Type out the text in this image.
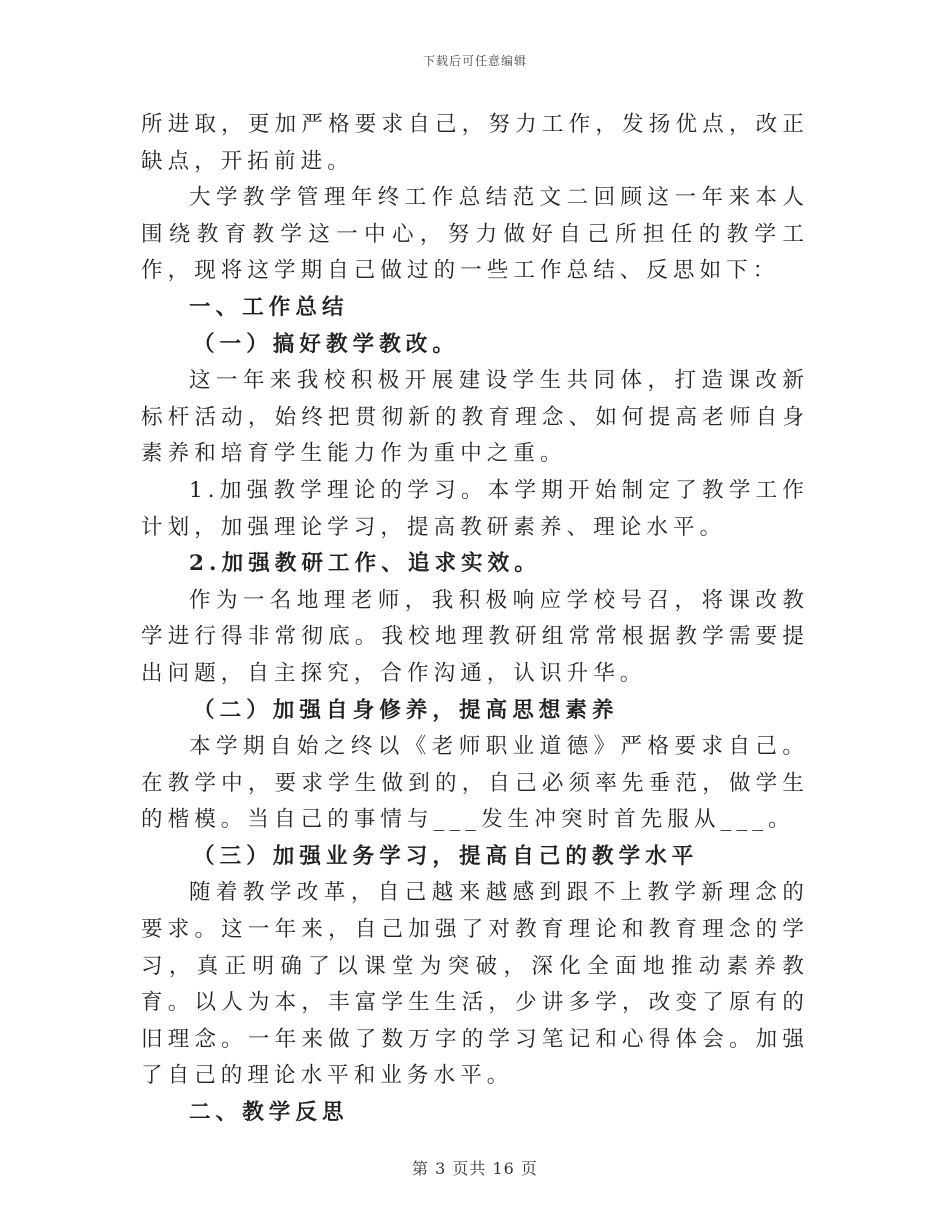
下载后可任意编辑

所进取，更加严格要求自己，努力工作，发扬优点，改正缺点，开拓前进。

大学教学管理年终工作总结范文二回顾这一年来本人围绕教育教学这一中心，努力做好自己所担任的教学工作，现将这学期自己做过的一些工作总结、反思如下：

一、工作总结

（一）搞好教学教改。

这一年来我校积极开展建设学生共同体，打造课改新标杆活动，始终把贯彻新的教育理念、如何提高老师自身素养和培育学生能力作为重中之重。

1.加强教学理论的学习。本学期开始制定了教学工作计划，加强理论学习，提高教研素养、理论水平。

2.加强教研工作、追求实效。

作为一名地理老师，我积极响应学校号召，将课改教学进行得非常彻底。我校地理教研组常常根据教学需要提出问题，自主探究，合作沟通，认识升华。

（二）加强自身修养，提高思想素养

本学期自始之终以《老师职业道德》严格要求自己。在教学中，要求学生做到的，自己必须率先垂范，做学生的楷模。当自己的事情与___发生冲突时首先服从___。

（三）加强业务学习，提高自己的教学水平

随着教学改革，自己越来越感到跟不上教学新理念的要求。这一年来，自己加强了对教育理论和教育理念的学习，真正明确了以课堂为突破，深化全面地推动素养教育。以人为本，丰富学生生活，少讲多学，改变了原有的旧理念。一年来做了数万字的学习笔记和心得体会。加强了自己的理论水平和业务水平。

二、教学反思

第 3 页共 16 页
